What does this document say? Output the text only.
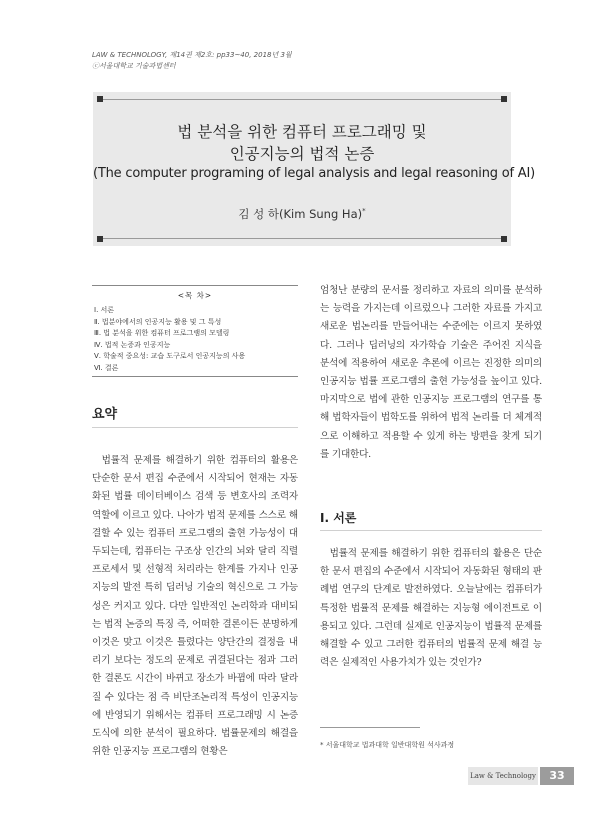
LAW & TECHNOLOGY, 제14권 제2호: pp33~40, 2018년 3월
ⓒ서울대학교 기술과법센터
법 분석을 위한 컴퓨터 프로그래밍 및
인공지능의 법적 논증
(The computer programing of legal analysis and legal reasoning of AI)
김 성 하(Kim Sung Ha)*
<목 차>
Ⅰ. 서론
Ⅱ. 법분야에서의 인공지능 활용 및 그 특성
Ⅲ. 법 분석을 위한 컴퓨터 프로그램의 모델링
Ⅳ. 법적 논증과 인공지능
Ⅴ. 학술적 중요성: 교습 도구로서 인공지능의 사용
Ⅵ. 결론
요약

법률적 문제를 해결하기 위한 컴퓨터의 활용은 단순한 문서 편집 수준에서 시작되어 현재는 자동화된 법률 데이터베이스 검색 등 변호사의 조력자 역할에 이르고 있다. 나아가 법적 문제를 스스로 해결할 수 있는 컴퓨터 프로그램의 출현 가능성이 대두되는데, 컴퓨터는 구조상 인간의 뇌와 달리 직렬 프로세서 및 선형적 처리라는 한계를 가지나 인공지능의 발전 특히 딥러닝 기술의 혁신으로 그 가능성은 커지고 있다. 다만 일반적인 논리학과 대비되는 법적 논증의 특징 즉, 어떠한 결론이든 분명하게 이것은 맞고 이것은 틀렸다는 양단간의 결정을 내리기 보다는 정도의 문제로 귀결된다는 점과 그러한 결론도 시간이 바뀌고 장소가 바뀜에 따라 달라질 수 있다는 점 즉 비단조논리적 특성이 인공지능에 반영되기 위해서는 컴퓨터 프로그래밍 시 논증도식에 의한 분석이 필요하다. 법률문제의 해결을 위한 인공지능 프로그램의 현황은

엄청난 분량의 문서를 정리하고 자료의 의미를 분석하는 능력을 가지는데 이르렀으나 그러한 자료를 가지고 새로운 법논리를 만들어내는 수준에는 이르지 못하였다. 그러나 딥러닝의 자가학습 기술은 주어진 지식을 분석에 적용하여 새로운 추론에 이르는 진정한 의미의 인공지능 법률 프로그램의 출현 가능성을 높이고 있다. 마지막으로 법에 관한 인공지능 프로그램의 연구를 통해 법학자들이 법학도를 위하여 법적 논리를 더 체계적으로 이해하고 적용할 수 있게 하는 방편을 찾게 되기를 기대한다.

Ⅰ. 서론

법률적 문제를 해결하기 위한 컴퓨터의 활용은 단순한 문서 편집의 수준에서 시작되어 자동화된 형태의 판례법 연구의 단계로 발전하였다. 오늘날에는 컴퓨터가 특정한 법률적 문제를 해결하는 지능형 에이전트로 이용되고 있다. 그런데 실제로 인공지능이 법률적 문제를 해결할 수 있고 그러한 컴퓨터의 법률적 문제 해결 능력은 실제적인 사용가치가 있는 것인가?

* 서울대학교 법과대학 일반대학원 석사과정
Law & Technology	33
